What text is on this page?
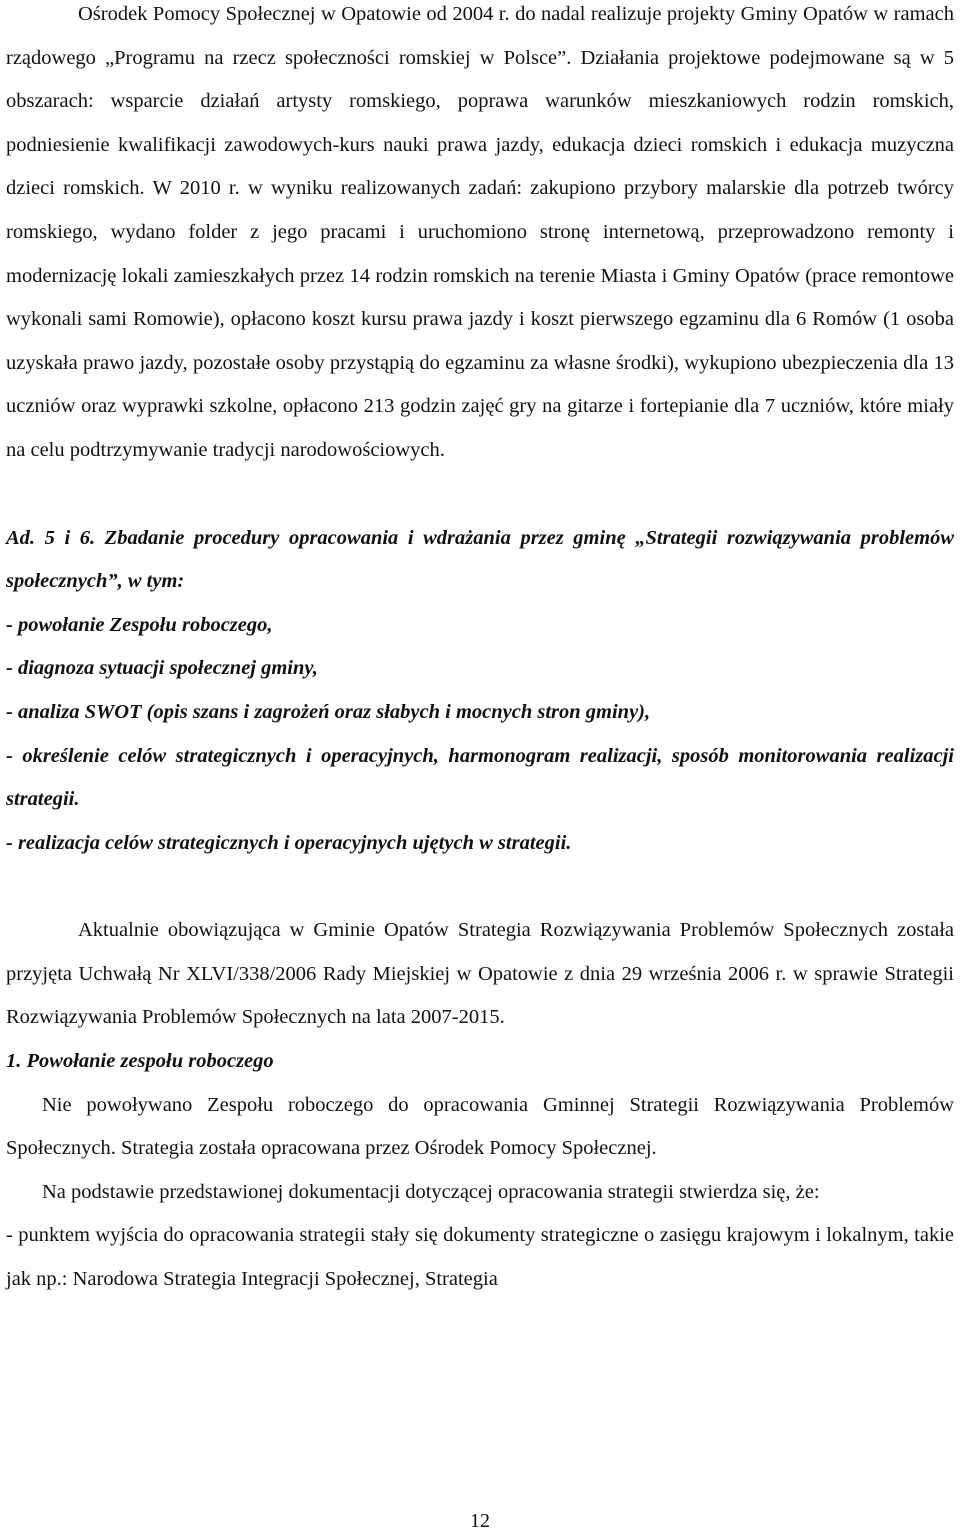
Ośrodek Pomocy Społecznej w Opatowie od 2004 r. do nadal realizuje projekty Gminy Opatów w ramach rządowego „Programu na rzecz społeczności romskiej w Polsce”. Działania projektowe podejmowane są w 5 obszarach: wsparcie działań artysty romskiego, poprawa warunków mieszkaniowych rodzin romskich, podniesienie kwalifikacji zawodowych-kurs nauki prawa jazdy, edukacja dzieci romskich i edukacja muzyczna dzieci romskich. W 2010 r. w wyniku realizowanych zadań: zakupiono przybory malarskie dla potrzeb twórcy romskiego, wydano folder z jego pracami i uruchomiono stronę internetową, przeprowadzono remonty i modernizację lokali zamieszkałych przez 14 rodzin romskich na terenie Miasta i Gminy Opatów (prace remontowe wykonali sami Romowie), opłacono koszt kursu prawa jazdy i koszt pierwszego egzaminu dla 6 Romów (1 osoba uzyskała prawo jazdy, pozostałe osoby przystąpią do egzaminu za własne środki), wykupiono ubezpieczenia dla 13 uczniów oraz wyprawki szkolne, opłacono 213 godzin zajęć gry na gitarze i fortepianie dla 7 uczniów, które miały na celu podtrzymywanie tradycji narodowościowych.

Ad. 5 i 6. Zbadanie procedury opracowania i wdrażania przez gminę „Strategii rozwiązywania problemów społecznych”, w tym:

- powołanie Zespołu roboczego,
- diagnoza sytuacji społecznej gminy,
- analiza SWOT (opis szans i zagrożeń oraz słabych i mocnych stron gminy),
- określenie celów strategicznych i operacyjnych, harmonogram realizacji, sposób monitorowania realizacji strategii.
- realizacja celów strategicznych i operacyjnych ujętych w strategii.

Aktualnie obowiązująca w Gminie Opatów Strategia Rozwiązywania Problemów Społecznych została przyjęta Uchwałą Nr XLVI/338/2006 Rady Miejskiej w Opatowie z dnia 29 września 2006 r. w sprawie Strategii Rozwiązywania Problemów Społecznych na lata 2007-2015.

1. Powołanie zespołu roboczego

Nie powoływano Zespołu roboczego do opracowania Gminnej Strategii Rozwiązywania Problemów Społecznych. Strategia została opracowana przez Ośrodek Pomocy Społecznej.

Na podstawie przedstawionej dokumentacji dotyczącej opracowania strategii stwierdza się, że:

- punktem wyjścia do opracowania strategii stały się dokumenty strategiczne o zasięgu krajowym i lokalnym, takie jak np.: Narodowa Strategia Integracji Społecznej, Strategia

12
